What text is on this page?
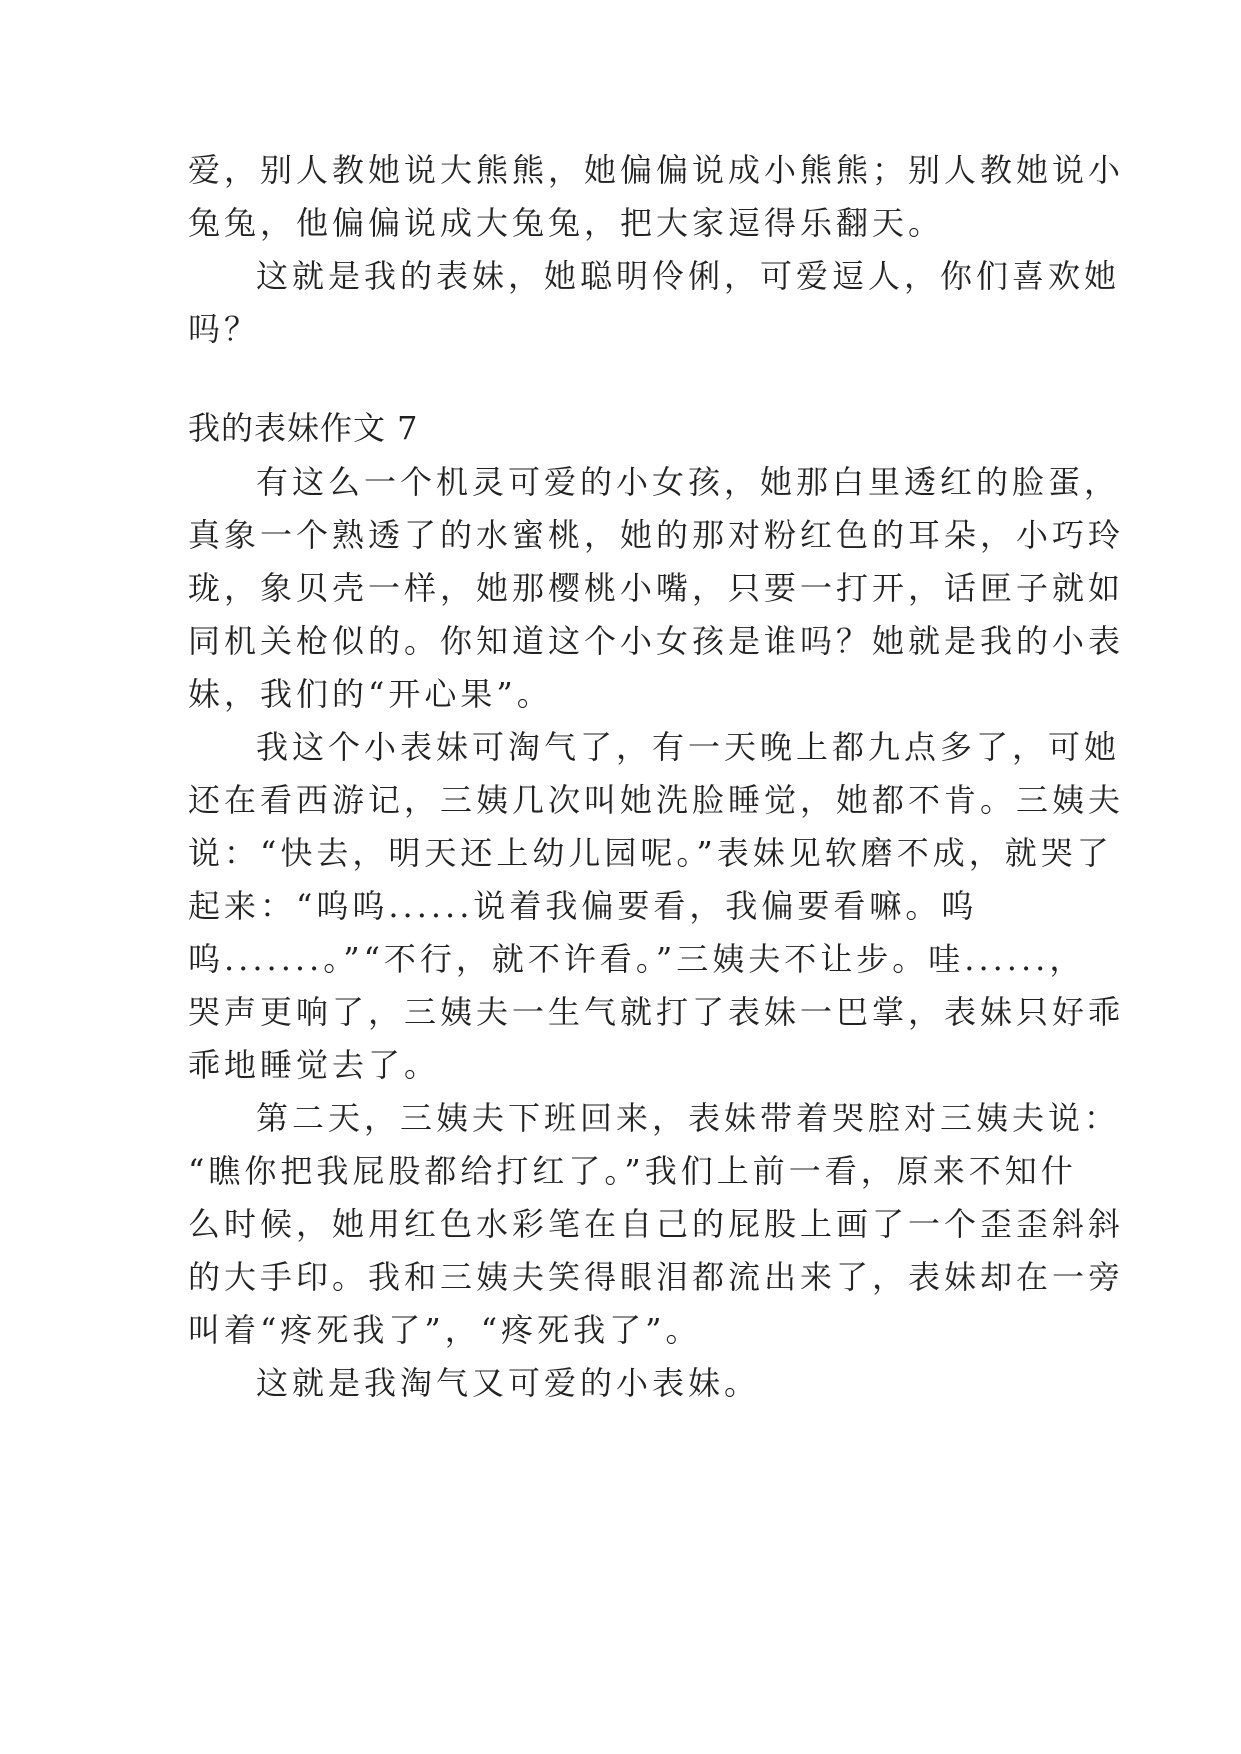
爱，别人教她说大熊熊，她偏偏说成小熊熊；别人教她说小
兔兔，他偏偏说成大兔兔，把大家逗得乐翻天。
这就是我的表妹，她聪明伶俐，可爱逗人，你们喜欢她
吗？
我的表妹作文 7
有这么一个机灵可爱的小女孩，她那白里透红的脸蛋，
真象一个熟透了的水蜜桃，她的那对粉红色的耳朵，小巧玲
珑，象贝壳一样，她那樱桃小嘴，只要一打开，话匣子就如
同机关枪似的。你知道这个小女孩是谁吗？她就是我的小表
妹，我们的“开心果”。
我这个小表妹可淘气了，有一天晚上都九点多了，可她
还在看西游记，三姨几次叫她洗脸睡觉，她都不肯。三姨夫
说：“快去，明天还上幼儿园呢。”表妹见软磨不成，就哭了
起来：“呜呜......说着我偏要看，我偏要看嘛。呜
呜.......。”“不行，就不许看。”三姨夫不让步。哇......，
哭声更响了，三姨夫一生气就打了表妹一巴掌，表妹只好乖
乖地睡觉去了。
第二天，三姨夫下班回来，表妹带着哭腔对三姨夫说：
“瞧你把我屁股都给打红了。”我们上前一看，原来不知什
么时候，她用红色水彩笔在自己的屁股上画了一个歪歪斜斜
的大手印。我和三姨夫笑得眼泪都流出来了，表妹却在一旁
叫着“疼死我了”，“疼死我了”。
这就是我淘气又可爱的小表妹。
